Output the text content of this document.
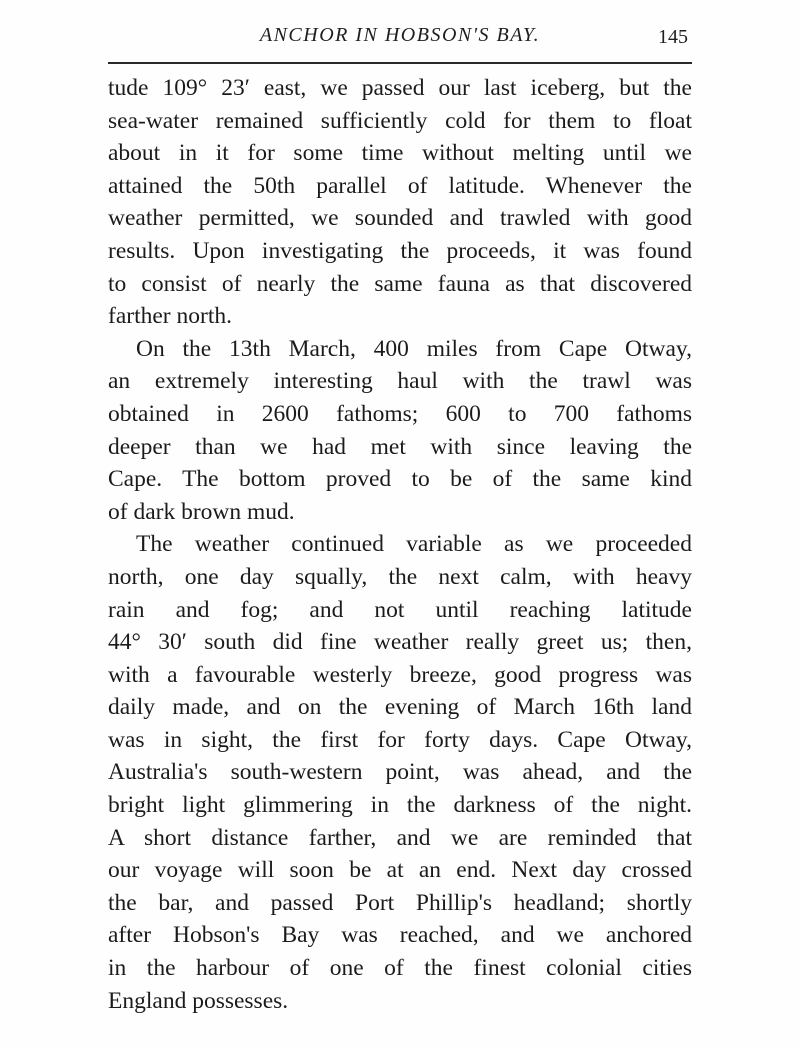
ANCHOR IN HOBSON'S BAY.	145
tude 109° 23′ east, we passed our last iceberg, but the
sea-water remained sufficiently cold for them to float
about in it for some time without melting until we
attained the 50th parallel of latitude. Whenever the
weather permitted, we sounded and trawled with good
results. Upon investigating the proceeds, it was found
to consist of nearly the same fauna as that discovered
farther north.
On the 13th March, 400 miles from Cape Otway,
an extremely interesting haul with the trawl was
obtained in 2600 fathoms; 600 to 700 fathoms
deeper than we had met with since leaving the
Cape. The bottom proved to be of the same kind
of dark brown mud.
The weather continued variable as we proceeded
north, one day squally, the next calm, with heavy
rain and fog; and not until reaching latitude
44° 30′ south did fine weather really greet us; then,
with a favourable westerly breeze, good progress was
daily made, and on the evening of March 16th land
was in sight, the first for forty days. Cape Otway,
Australia's south-western point, was ahead, and the
bright light glimmering in the darkness of the night.
A short distance farther, and we are reminded that
our voyage will soon be at an end. Next day crossed
the bar, and passed Port Phillip's headland; shortly
after Hobson's Bay was reached, and we anchored
in the harbour of one of the finest colonial cities
England possesses.
